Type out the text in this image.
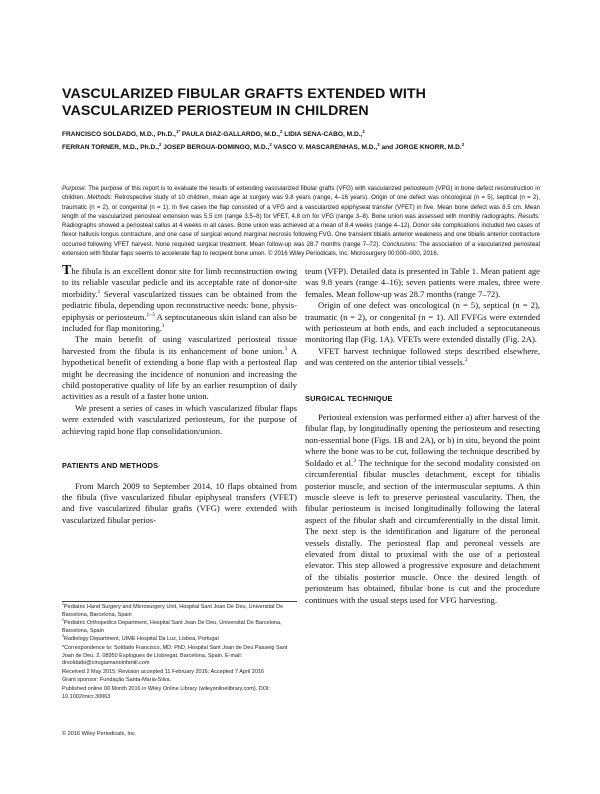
VASCULARIZED FIBULAR GRAFTS EXTENDED WITH
VASCULARIZED PERIOSTEUM IN CHILDREN
FRANCISCO SOLDADO, M.D., Ph.D.,$^{1*}$ PAULA DIAZ-GALLARDO, M.D.,$^2$ LIDIA SENA-CABO, M.D.,$^2$
FERRAN TORNER, M.D., Ph.D.,$^2$ JOSEP BERGUA-DOMINGO, M.D.,$^2$ VASCO V. MASCARENHAS, M.D.,$^3$ and JORGE KNORR, M.D.$^2$

Purpose: The purpose of this report is to evaluate the results of extending vascularized fibular grafts (VFG) with vascularized periosteum (VPG) in bone defect reconstruction in children. Methods: Retrospective study of 10 children, mean age at surgery was 9.8 years (range, 4–16 years). Origin of one defect was oncological (n = 5), septical (n = 2), traumatic (n = 2), or congenital (n = 1). In five cases the flap consisted of a VFG and a vascularized epiphyseal transfer (VFET) in five. Mean bone defect was 8.5 cm. Mean length of the vascularized periosteal extension was 5.5 cm (range 3.5–8) for VFET, 4.8 cm for VFG (range 3–8). Bone union was assessed with monthly radiographs. Results: Radiographs showed a periosteal callus at 4 weeks in all cases. Bone union was achieved at a mean of 8.4 weeks (range 4–12). Donor site complications included two cases of flexor hallucis longus contracture, and one case of surgical wound marginal necrosis following FVG. One transient tibialis anterior weakness and one tibialis anterior contracture occurred following VFET harvest. None required surgical treatment. Mean follow-up was 28.7 months (range 7–72). Conclusions: The association of a vascularized periosteal extension with fibular flaps seems to accelerate flap to recipient bone union. © 2016 Wiley Periodicals, Inc. Microsurgery 00:000–000, 2016.

The fibula is an excellent donor site for limb reconstruction owing to its reliable vascular pedicle and its acceptable rate of donor-site morbidity.$^1$ Several vascularized tissues can be obtained from the pediatric fibula, depending upon reconstructive needs: bone, physis-epiphysis or periosteum.$^{1-3}$ A septocutaneous skin island can also be included for flap monitoring.$^1$

The main benefit of using vascularized periosteal tissue harvested from the fibula is its enhancement of bone union.$^3$ A hypothetical benefit of extending a bone flap with a periosteal flap might be decreasing the incidence of nonunion and increasing the child postoperative quality of life by an earlier resumption of daily activities as a result of a faster bone union.

We present a series of cases in which vascularized fibular flaps were extended with vascularized periosteum, for the purpose of achieving rapid bone flap consolidation/union.

PATIENTS AND METHODS

From March 2009 to September 2014, 10 flaps obtained from the fibula (five vascularized fibular epiphyseal transfers (VFET) and five vascularized fibular grafts (VFG) were extended with vascularized fibular perios-

$^1$Pediatric Hand Surgery and Microsurgery Unit, Hospital Sant Joan De Deu, Universitat De Barcelona, Barcelona, Spain

$^2$Pediatric Orthopedics Department, Hospital Sant Joan De Deu, Universitat De Barcelona, Barcelona, Spain

$^3$Radiology Department, UIME Hospital Da Luz, Lisboa, Portugal

*Correspondence to: Soldado Francisco, MD, PhD, Hospital Sant Joan de Deu Passeig Sant Joan de Deu, 2, 08950 Esplugues de Llobregat, Barcelona, Spain. E-mail: drsoldado@cirugiamanoinfantil.com

Received 2 May 2015; Revision accepted 11 February 2016; Accepted 7 April 2016

Grant sponsor: Fundação Santa-Maria-Silva.

Published online 00 Month 2016 in Wiley Online Library (wileyonlinelibrary.com). DOI: 10.1002/micr.30063

© 2016 Wiley Periodicals, Inc.

teum (VFP). Detailed data is presented in Table 1. Mean patient age was 9.8 years (range 4–16); seven patients were males, three were females. Mean follow-up was 28.7 months (range 7–72).

Origin of one defect was oncological (n = 5), septical (n = 2), traumatic (n = 2), or congenital (n = 1). All FVFGs were extended with periosteum at both ends, and each included a septocutaneous monitoring flap (Fig. 1A). VFETs were extended distally (Fig. 2A).

VFET harvest technique followed steps described elsewhere, and was centered on the anterior tibial vessels.$^2$

SURGICAL TECHNIQUE

Periosteal extension was performed either a) after harvest of the fibular flap, by longitudinally opening the periosteum and resecting non-essential bone (Figs. 1B and 2A), or b) in situ, beyond the point where the bone was to be cut, following the technique described by Soldado et al.$^3$ The technique for the second modality consisted on circumferential fibular muscles detachment, except for tibialis posterior muscle, and section of the intermuscular septums. A thin muscle sleeve is left to preserve periosteal vascularity. Then, the fibular periosteum is incised longitudinally following the lateral aspect of the fibular shaft and circumferentially in the distal limit. The next step is the identification and ligature of the peroneal vessels distally. The periosteal flap and peroneal vessels are elevated from distal to proximal with the use of a periosteal elevator. This step allowed a progressive exposure and detachment of the tibialis posterior muscle. Once the desired length of periosteum has obtained, fibular bone is cut and the procedure continues with the usual steps used for VFG harvesting.
